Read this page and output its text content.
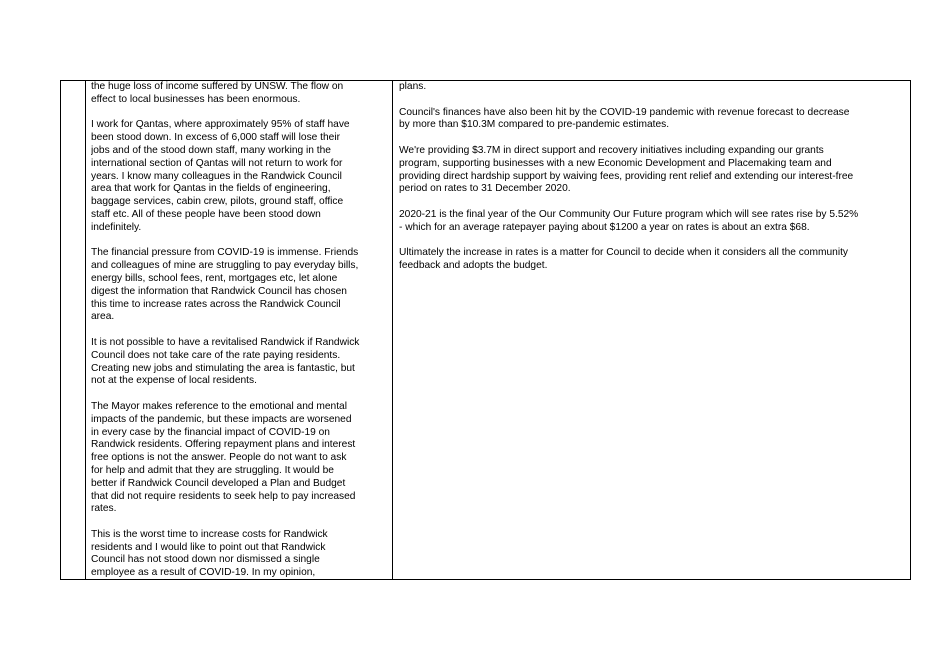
the huge loss of income suffered by UNSW. The flow on
effect to local businesses has been enormous.

I work for Qantas, where approximately 95% of staff have
been stood down. In excess of 6,000 staff will lose their
jobs and of the stood down staff, many working in the
international section of Qantas will not return to work for
years. I know many colleagues in the Randwick Council
area that work for Qantas in the fields of engineering,
baggage services, cabin crew, pilots, ground staff, office
staff etc. All of these people have been stood down
indefinitely.

The financial pressure from COVID-19 is immense. Friends
and colleagues of mine are struggling to pay everyday bills,
energy bills, school fees, rent, mortgages etc, let alone
digest the information that Randwick Council has chosen
this time to increase rates across the Randwick Council
area.

It is not possible to have a revitalised Randwick if Randwick
Council does not take care of the rate paying residents.
Creating new jobs and stimulating the area is fantastic, but
not at the expense of local residents.

The Mayor makes reference to the emotional and mental
impacts of the pandemic, but these impacts are worsened
in every case by the financial impact of COVID-19 on
Randwick residents. Offering repayment plans and interest
free options is not the answer. People do not want to ask
for help and admit that they are struggling. It would be
better if Randwick Council developed a Plan and Budget
that did not require residents to seek help to pay increased
rates.

This is the worst time to increase costs for Randwick
residents and I would like to point out that Randwick
Council has not stood down nor dismissed a single
employee as a result of COVID-19. In my opinion,

plans.

Council's finances have also been hit by the COVID-19 pandemic with revenue forecast to decrease
by more than $10.3M compared to pre-pandemic estimates.

We're providing $3.7M in direct support and recovery initiatives including expanding our grants
program, supporting businesses with a new Economic Development and Placemaking team and
providing direct hardship support by waiving fees, providing rent relief and extending our interest-free
period on rates to 31 December 2020.

2020-21 is the final year of the Our Community Our Future program which will see rates rise by 5.52%
- which for an average ratepayer paying about $1200 a year on rates is about an extra $68.

Ultimately the increase in rates is a matter for Council to decide when it considers all the community
feedback and adopts the budget.
